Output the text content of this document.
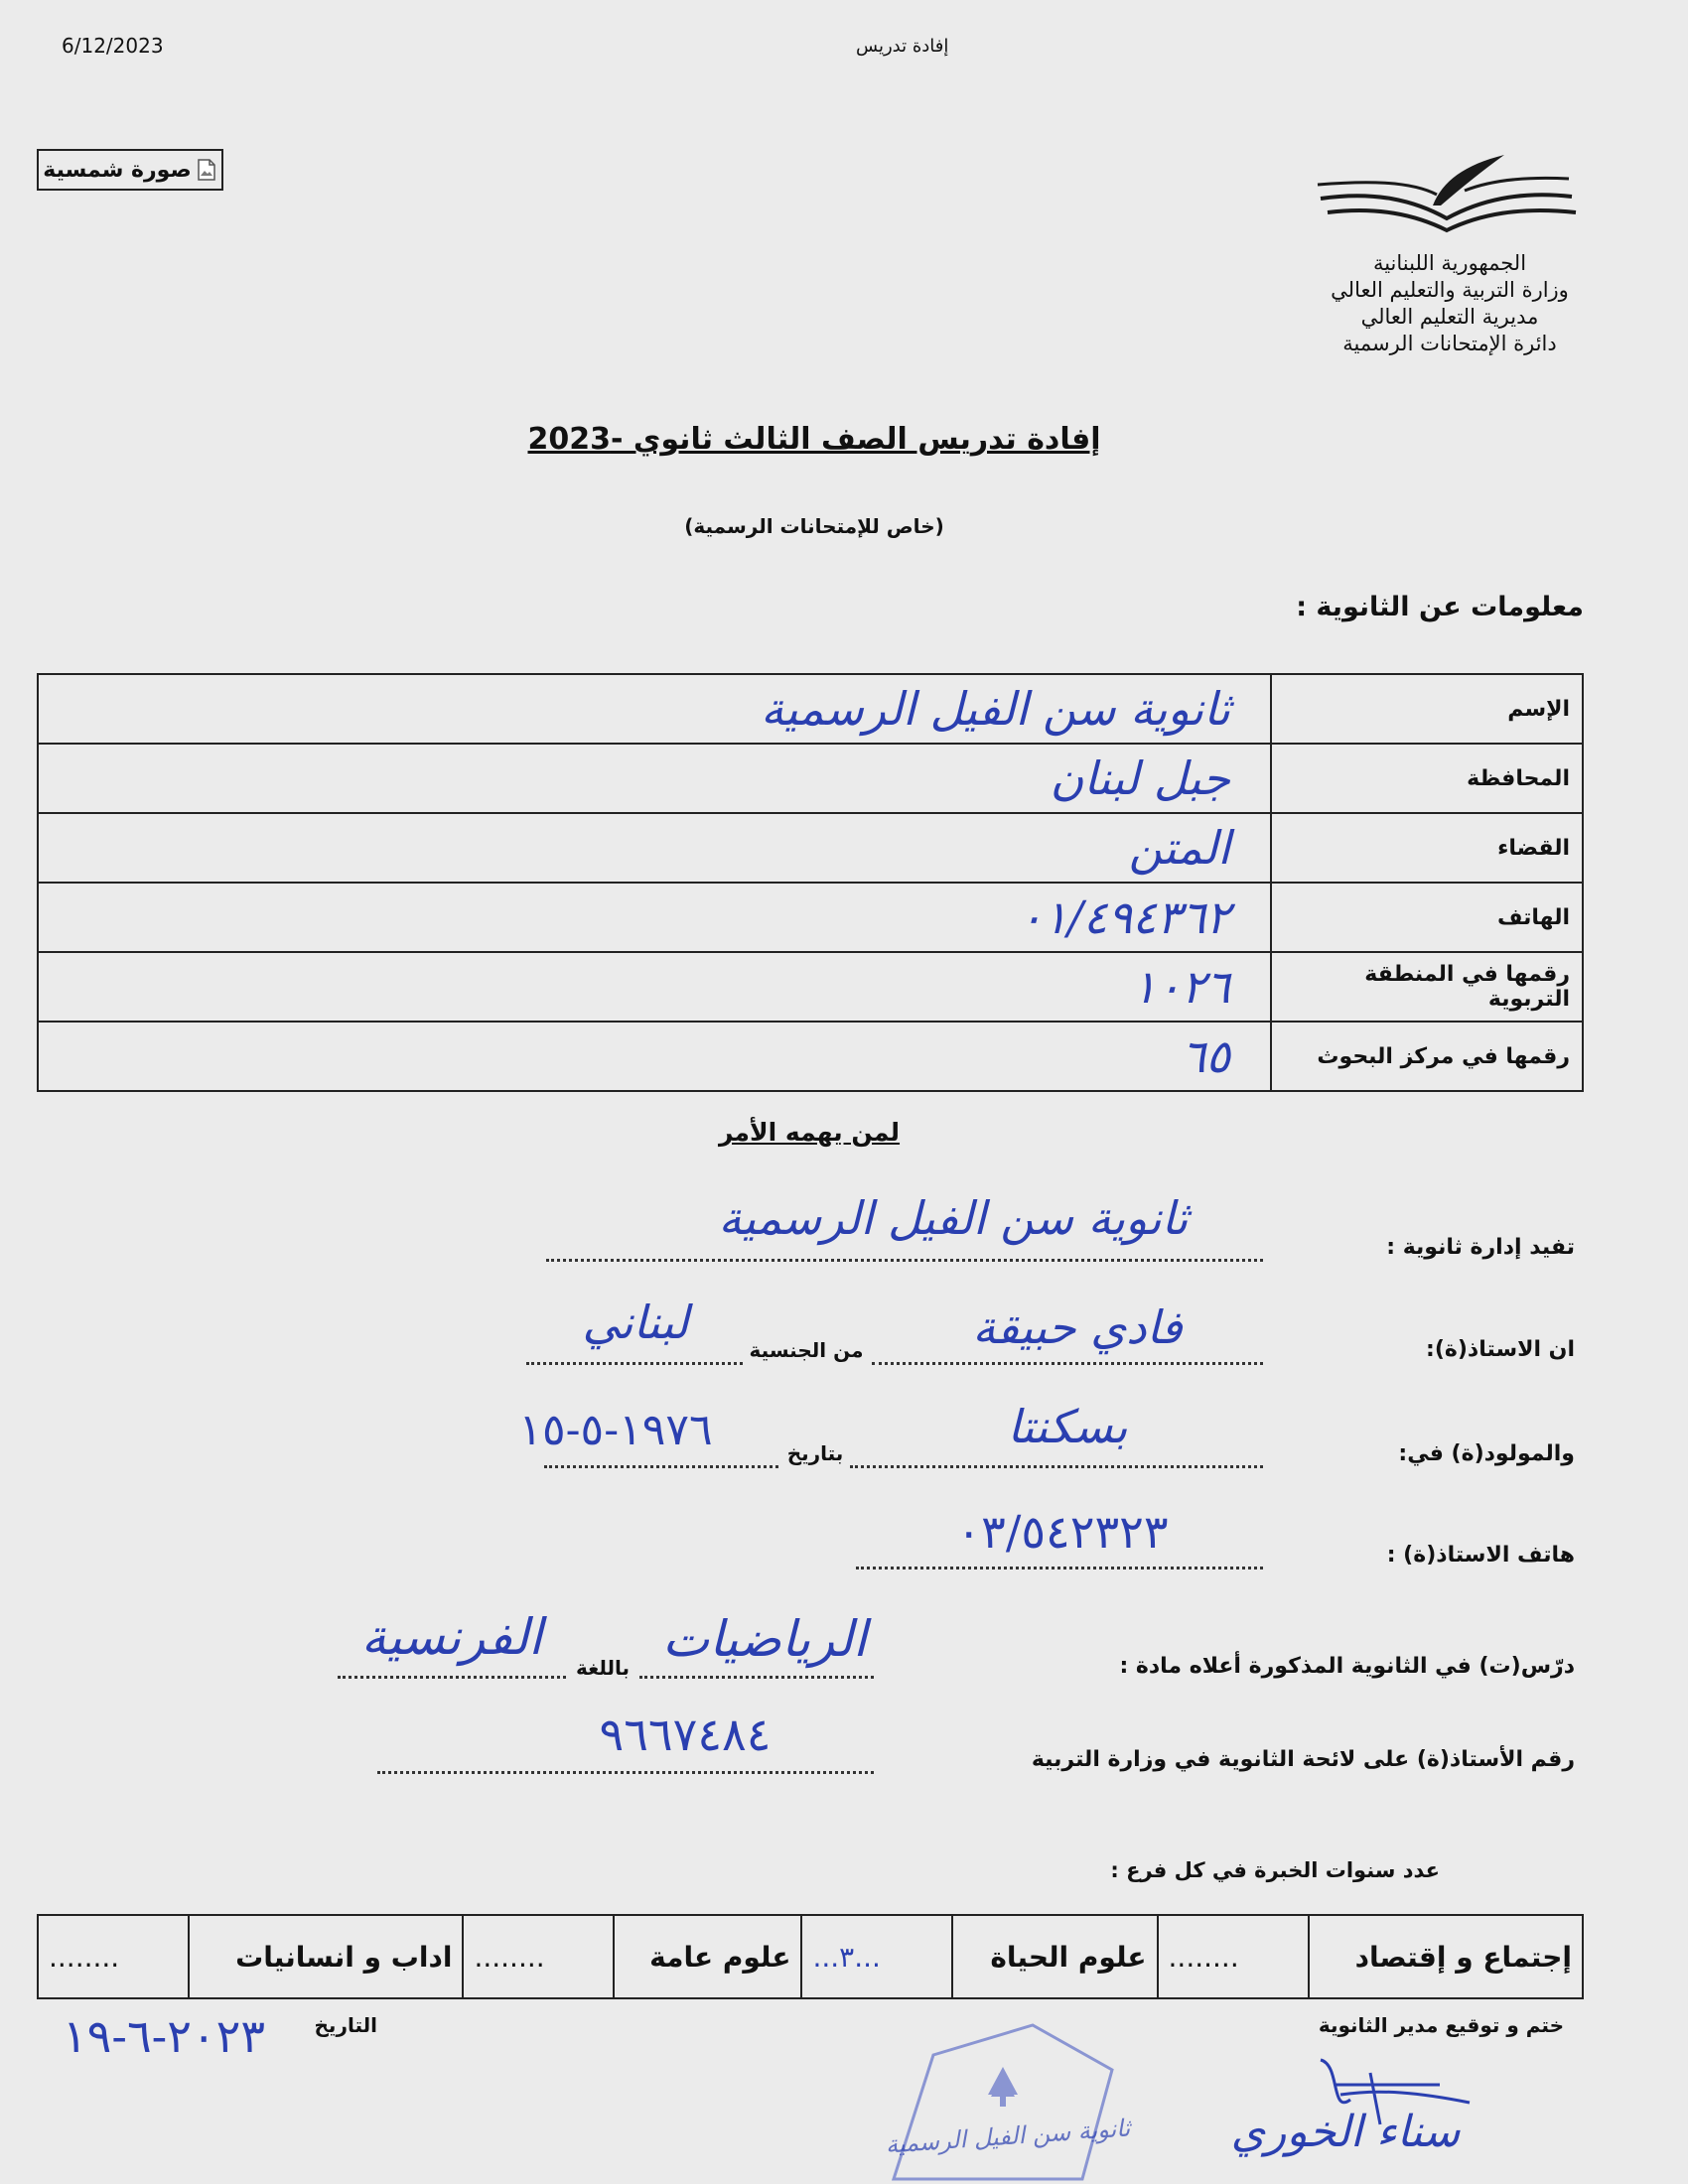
6/12/2023	إفادة تدريس
صورة شمسية
الجمهورية اللبنانية
وزارة التربية والتعليم العالي
مديرية التعليم العالي
دائرة الإمتحانات الرسمية
إفادة تدريس الصف الثالث ثانوي -2023
(خاص للإمتحانات الرسمية)
معلومات عن الثانوية :
الإسم	ثانوية سن الفيل الرسمية
المحافظة	جبل لبنان
القضاء	المتن
الهاتف	٠١/٤٩٤٣٦٢
رقمها في المنطقة التربوية	١٠٢٦
رقمها في مركز البحوث	٦٥
لمن يهمه الأمر
تفيد إدارة ثانوية :
ثانوية سن الفيل الرسمية
ان الاستاذ(ة):
فادي حبيقة
من الجنسية
لبناني
والمولود(ة) في:
بسكنتا
بتاريخ
١٩٧٦-٥-١٥
هاتف الاستاذ(ة) :
٠٣/٥٤٢٣٢٣
درّس(ت) في الثانوية المذكورة أعلاه مادة :
الرياضيات
باللغة
الفرنسية
رقم الأستاذ(ة) على لائحة الثانوية في وزارة التربية
٩٦٦٧٤٨٤
عدد سنوات الخبرة في كل فرع :
إجتماع و إقتصاد	........	علوم الحياة	...٣...	علوم عامة	........	اداب و انسانيات	........
ختم و توقيع مدير الثانوية
التاريخ
٢٠٢٣-٦-١٩
ثانوية سن الفيل الرسمية	سناء الخوري
